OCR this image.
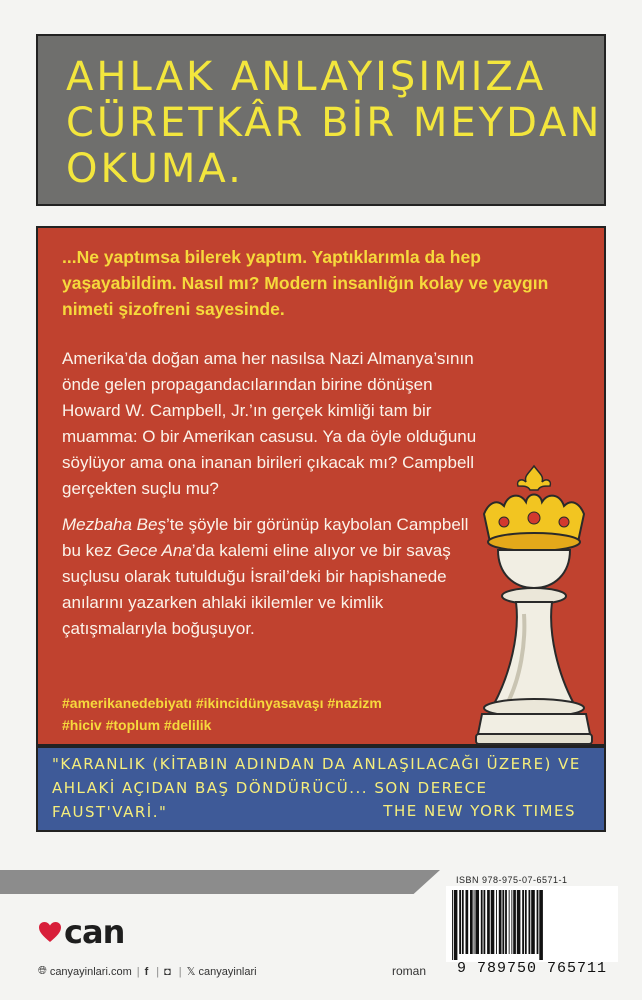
AHLAK ANLAYIŞIMIZA
CÜRETKÂR BİR MEYDAN
OKUMA.

...Ne yaptımsa bilerek yaptım. Yaptıklarımla da hep yaşayabildim. Nasıl mı? Modern insanlığın kolay ve yaygın nimeti şizofreni sayesinde.

Amerika’da doğan ama her nasılsa Nazi Almanya’sının önde gelen propagandacılarından birine dönüşen Howard W. Campbell, Jr.’ın gerçek kimliği tam bir muamma: O bir Amerikan casusu. Ya da öyle olduğunu söylüyor ama ona inanan birileri çıkacak mı? Campbell gerçekten suçlu mu?

Mezbaha Beş’te şöyle bir görünüp kaybolan Campbell bu kez Gece Ana’da kalemi eline alıyor ve bir savaş suçlusu olarak tutulduğu İsrail’deki bir hapishanede anılarını yazarken ahlaki ikilemler ve kimlik çatışmalarıyla boğuşuyor.

#amerikanedebiyatı #ikincidünyasavaşı #nazizm
#hiciv #toplum #delilik

"KARANLIK (KİTABIN ADINDAN DA ANLAŞILACAĞI ÜZERE) VE AHLAKİ AÇIDAN BAŞ DÖNDÜRÜCÜ... SON DERECE FAUST'VARİ."	THE NEW YORK TIMES

can
🌐︎ canyayinlari.com | f | ◘ | 𝕏 canyayinlari	roman
ISBN 978-975-07-6571-1
9 789750 765711
